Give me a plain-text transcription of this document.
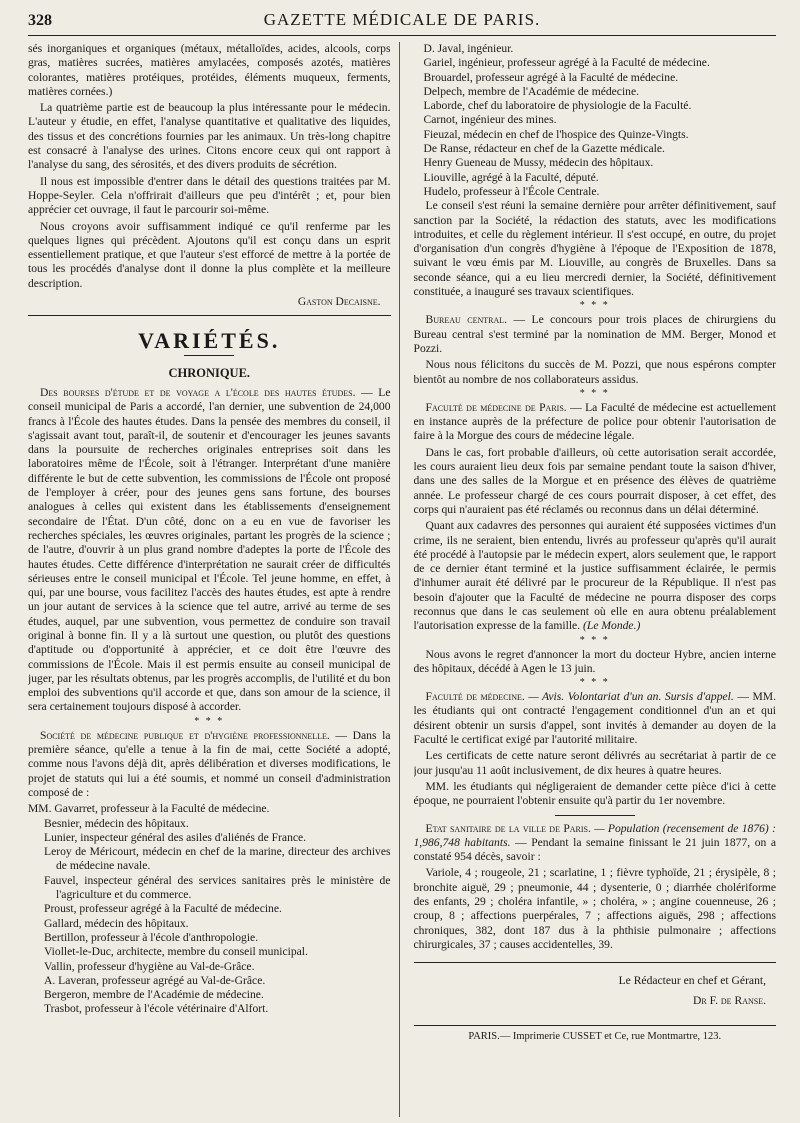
328	GAZETTE MÉDICALE DE PARIS.

sés inorganiques et organiques (métaux, métalloïdes, acides, alcools, corps gras, matières sucrées, matières amylacées, composés azotés, matières colorantes, matières protéiques, protéides, éléments muqueux, ferments, matières cornées.)

La quatrième partie est de beaucoup la plus intéressante pour le médecin. L'auteur y étudie, en effet, l'analyse quantitative et qualitative des liquides, des tissus et des concrétions fournies par les animaux. Un très-long chapitre est consacré à l'analyse des urines. Citons encore ceux qui ont rapport à l'analyse du sang, des sérosités, et des divers produits de sécrétion.

Il nous est impossible d'entrer dans le détail des questions traitées par M. Hoppe-Seyler. Cela n'offrirait d'ailleurs que peu d'intérêt ; et, pour bien apprécier cet ouvrage, il faut le parcourir soi-même.

Nous croyons avoir suffisamment indiqué ce qu'il renferme par les quelques lignes qui précèdent. Ajoutons qu'il est conçu dans un esprit essentiellement pratique, et que l'auteur s'est efforcé de mettre à la portée de tous les procédés d'analyse dont il donne la plus complète et la meilleure description.

Gaston Decaisne.
VARIÉTÉS.
CHRONIQUE.

Des bourses d'étude et de voyage a l'école des hautes études. — Le conseil municipal de Paris a accordé, l'an dernier, une subvention de 24,000 francs à l'École des hautes études. Dans la pensée des membres du conseil, il s'agissait avant tout, paraît-il, de soutenir et d'encourager les jeunes savants dans la poursuite de recherches originales entreprises soit dans les laboratoires même de l'École, soit à l'étranger. Interprétant d'une manière différente le but de cette subvention, les commissions de l'École ont proposé de l'employer à créer, pour des jeunes gens sans fortune, des bourses analogues à celles qui existent dans les établissements d'enseignement secondaire de l'État. D'un côté, donc on a eu en vue de favoriser les recherches spéciales, les œuvres originales, partant les progrès de la science ; de l'autre, d'ouvrir à un plus grand nombre d'adeptes la porte de l'École des hautes études. Cette différence d'interprétation ne saurait créer de difficultés sérieuses entre le conseil municipal et l'École. Tel jeune homme, en effet, à qui, par une bourse, vous facilitez l'accès des hautes études, est apte à rendre un jour autant de services à la science que tel autre, arrivé au terme de ses études, auquel, par une subvention, vous permettez de conduire son travail original à bonne fin. Il y a là surtout une question, ou plutôt des questions d'aptitude ou d'opportunité à apprécier, et ce doit être l'œuvre des commissions de l'École. Mais il est permis ensuite au conseil municipal de juger, par les résultats obtenus, par les progrès accomplis, de l'utilité et du bon emploi des subventions qu'il accorde et que, dans son amour de la science, il sera certainement toujours disposé à accorder.

* * *

Société de médecine publique et d'hygiène professionnelle. — Dans la première séance, qu'elle a tenue à la fin de mai, cette Société a adopté, comme nous l'avons déjà dit, après délibération et diverses modifications, le projet de statuts qui lui a été soumis, et nommé un conseil d'administration composé de :

MM. Gavarret, professeur à la Faculté de médecine.

Besnier, médecin des hôpitaux.

Lunier, inspecteur général des asiles d'aliénés de France.

Leroy de Méricourt, médecin en chef de la marine, directeur des archives de médecine navale.

Fauvel, inspecteur général des services sanitaires près le ministère de l'agriculture et du commerce.

Proust, professeur agrégé à la Faculté de médecine.

Gallard, médecin des hôpitaux.

Bertillon, professeur à l'école d'anthropologie.

Viollet-le-Duc, architecte, membre du conseil municipal.

Vallin, professeur d'hygiène au Val-de-Grâce.

A. Laveran, professeur agrégé au Val-de-Grâce.

Bergeron, membre de l'Académie de médecine.

Trasbot, professeur à l'école vétérinaire d'Alfort.

D. Javal, ingénieur.

Gariel, ingénieur, professeur agrégé à la Faculté de médecine.

Brouardel, professeur agrégé à la Faculté de médecine.

Delpech, membre de l'Académie de médecine.

Laborde, chef du laboratoire de physiologie de la Faculté.

Carnot, ingénieur des mines.

Fieuzal, médecin en chef de l'hospice des Quinze-Vingts.

De Ranse, rédacteur en chef de la Gazette médicale.

Henry Gueneau de Mussy, médecin des hôpitaux.

Liouville, agrégé à la Faculté, député.

Hudelo, professeur à l'École Centrale.

Le conseil s'est réuni la semaine dernière pour arrêter définitivement, sauf sanction par la Société, la rédaction des statuts, avec les modifications introduites, et celle du règlement intérieur. Il s'est occupé, en outre, du projet d'organisation d'un congrès d'hygiène à l'époque de l'Exposition de 1878, suivant le vœu émis par M. Liouville, au congrès de Bruxelles. Dans sa seconde séance, qui a eu lieu mercredi dernier, la Société, définitivement constituée, a inauguré ses travaux scientifiques.

* * *

Bureau central. — Le concours pour trois places de chirurgiens du Bureau central s'est terminé par la nomination de MM. Berger, Monod et Pozzi.

Nous nous félicitons du succès de M. Pozzi, que nous espérons compter bientôt au nombre de nos collaborateurs assidus.

* * *

Faculté de médecine de Paris. — La Faculté de médecine est actuellement en instance auprès de la préfecture de police pour obtenir l'autorisation de faire à la Morgue des cours de médecine légale.

Dans le cas, fort probable d'ailleurs, où cette autorisation serait accordée, les cours auraient lieu deux fois par semaine pendant toute la saison d'hiver, dans une des salles de la Morgue et en présence des élèves de quatrième année. Le professeur chargé de ces cours pourrait disposer, à cet effet, des corps qui n'auraient pas été réclamés ou reconnus dans un délai déterminé.

Quant aux cadavres des personnes qui auraient été supposées victimes d'un crime, ils ne seraient, bien entendu, livrés au professeur qu'après qu'il aurait été procédé à l'autopsie par le médecin expert, alors seulement que, le rapport de ce dernier étant terminé et la justice suffisamment éclairée, le permis d'inhumer aurait été délivré par le procureur de la République. Il n'est pas besoin d'ajouter que la Faculté de médecine ne pourra disposer des corps reconnus que dans le cas seulement où elle en aura obtenu préalablement l'autorisation expresse de la famille. (Le Monde.)

* * *

Nous avons le regret d'annoncer la mort du docteur Hybre, ancien interne des hôpitaux, décédé à Agen le 13 juin.

* * *

Faculté de médecine. — Avis. Volontariat d'un an. Sursis d'appel. — MM. les étudiants qui ont contracté l'engagement conditionnel d'un an et qui désirent obtenir un sursis d'appel, sont invités à demander au doyen de la Faculté le certificat exigé par l'autorité militaire.

Les certificats de cette nature seront délivrés au secrétariat à partir de ce jour jusqu'au 11 août inclusivement, de dix heures à quatre heures.

MM. les étudiants qui négligeraient de demander cette pièce d'ici à cette époque, ne pourraient l'obtenir ensuite qu'à partir du 1er novembre.

Etat sanitaire de la ville de Paris. — Population (recensement de 1876) : 1,986,748 habitants. — Pendant la semaine finissant le 21 juin 1877, on a constaté 954 décès, savoir :

Variole, 4 ; rougeole, 21 ; scarlatine, 1 ; fièvre typhoïde, 21 ; érysipèle, 8 ; bronchite aiguë, 29 ; pneumonie, 44 ; dysenterie, 0 ; diarrhée cholériforme des enfants, 29 ; choléra infantile, » ; choléra, » ; angine couenneuse, 26 ; croup, 8 ; affections puerpérales, 7 ; affections aiguës, 298 ; affections chroniques, 382, dont 187 dus à la phthisie pulmonaire ; affections chirurgicales, 37 ; causes accidentelles, 39.

Le Rédacteur en chef et Gérant,
Dr F. de Ranse.
PARIS.— Imprimerie CUSSET et Ce, rue Montmartre, 123.
